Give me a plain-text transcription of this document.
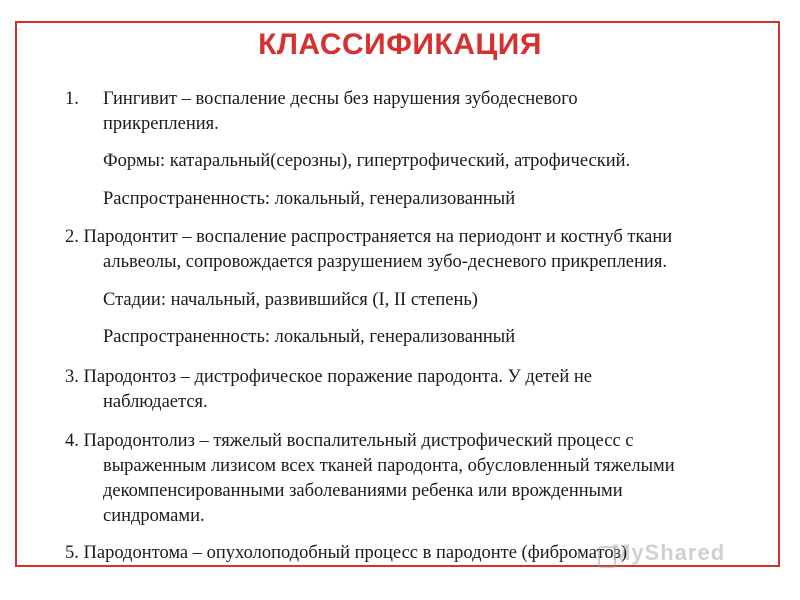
КЛАССИФИКАЦИЯ
1. Гингивит – воспаление десны без нарушения зубодесневого
прикрепления.
Формы: катаральный(серозны), гипертрофический, атрофический.
Распространенность: локальный, генерализованный
2. Пародонтит – воспаление распространяется на периодонт и костнуб ткани
альвеолы, сопровождается разрушением зубо-десневого прикрепления.
Стадии: начальный, развившийся (I, II степень)
Распространенность: локальный, генерализованный
3. Пародонтоз – дистрофическое поражение пародонта. У детей не
наблюдается.
4. Пародонтолиз – тяжелый воспалительный дистрофический процесс с
выраженным лизисом всех тканей пародонта, обусловленный тяжелыми
декомпенсированными заболеваниями ребенка или врожденными
синдромами.
5. Пародонтома – опухолоподобный процесс в пародонте (фиброматоз)
MyShared
